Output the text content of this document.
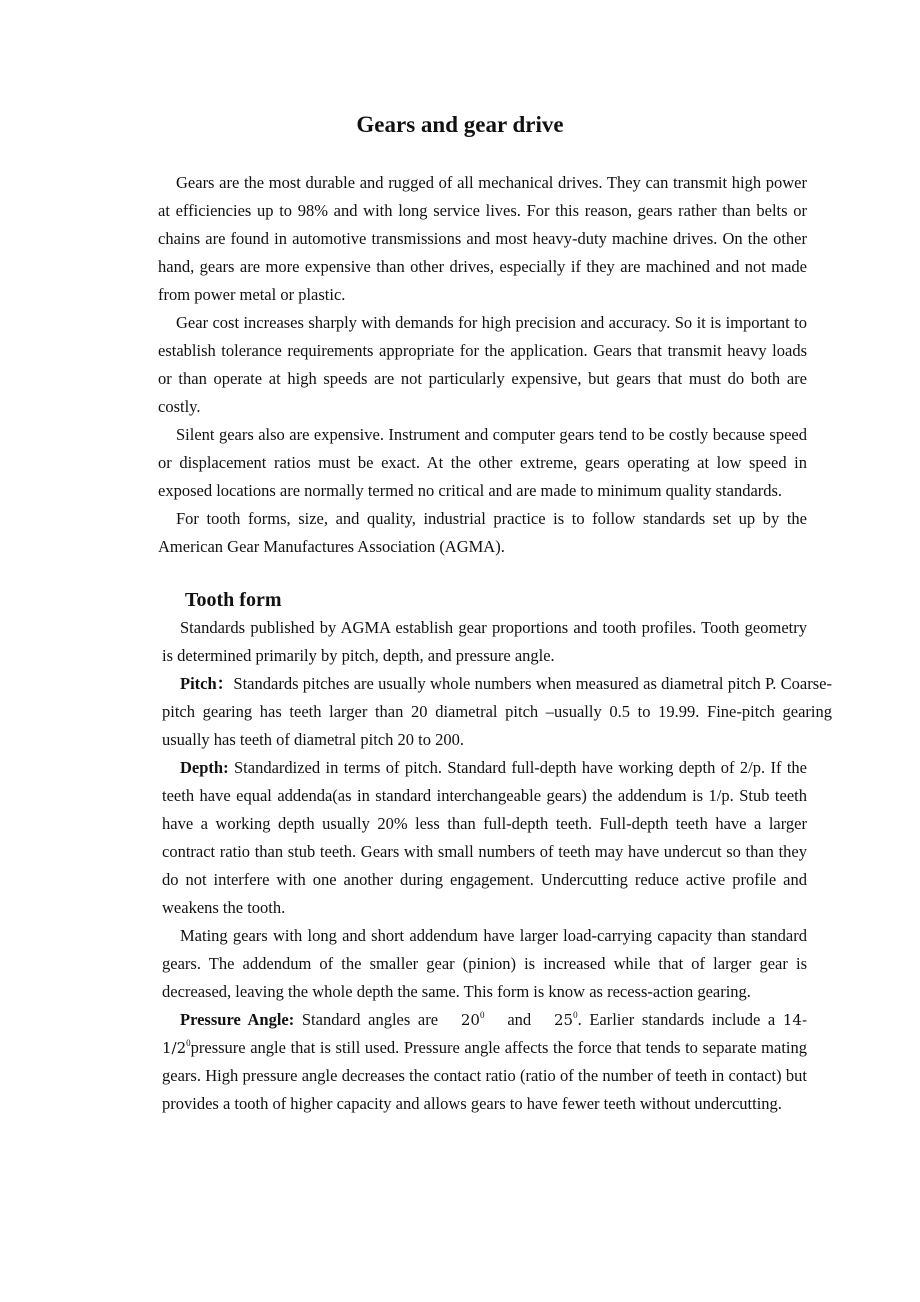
Gears and gear drive

Gears are the most durable and rugged of all mechanical drives. They can transmit high power at efficiencies up to 98% and with long service lives. For this reason, gears rather than belts or chains are found in automotive transmissions and most heavy-duty machine drives. On the other hand, gears are more expensive than other drives, especially if they are machined and not made from power metal or plastic.

Gear cost increases sharply with demands for high precision and accuracy. So it is important to establish tolerance requirements appropriate for the application. Gears that transmit heavy loads or than operate at high speeds are not particularly expensive, but gears that must do both are costly.

Silent gears also are expensive. Instrument and computer gears tend to be costly because speed or displacement ratios must be exact. At the other extreme, gears operating at low speed in exposed locations are normally termed no critical and are made to minimum quality standards.

For tooth forms, size, and quality, industrial practice is to follow standards set up by the American Gear Manufactures Association (AGMA).

Tooth form

Standards published by AGMA establish gear proportions and tooth profiles. Tooth geometry is determined primarily by pitch, depth, and pressure angle.

Pitch：Standards pitches are usually whole numbers when measured as diametral pitch P. Coarse-pitch gearing has teeth larger than 20 diametral pitch –usually 0.5 to 19.99. Fine-pitch gearing usually has teeth of diametral pitch 20 to 200.

Depth: Standardized in terms of pitch. Standard full-depth have working depth of 2/p. If the teeth have equal addenda(as in standard interchangeable gears) the addendum is 1/p. Stub teeth have a working depth usually 20% less than full-depth teeth. Full-depth teeth have a larger contract ratio than stub teeth. Gears with small numbers of teeth may have undercut so than they do not interfere with one another during engagement. Undercutting reduce active profile and weakens the tooth.

Mating gears with long and short addendum have larger load-carrying capacity than standard gears. The addendum of the smaller gear (pinion) is increased while that of larger gear is decreased, leaving the whole depth the same. This form is know as recess-action gearing.

Pressure Angle: Standard angles are $20^0$ and $25^0$. Earlier standards include a $14-1/2^0pressure$ angle that is still used. Pressure angle affects the force that tends to separate mating gears. High pressure angle decreases the contact ratio (ratio of the number of teeth in contact) but provides a tooth of higher capacity and allows gears to have fewer teeth without undercutting.
